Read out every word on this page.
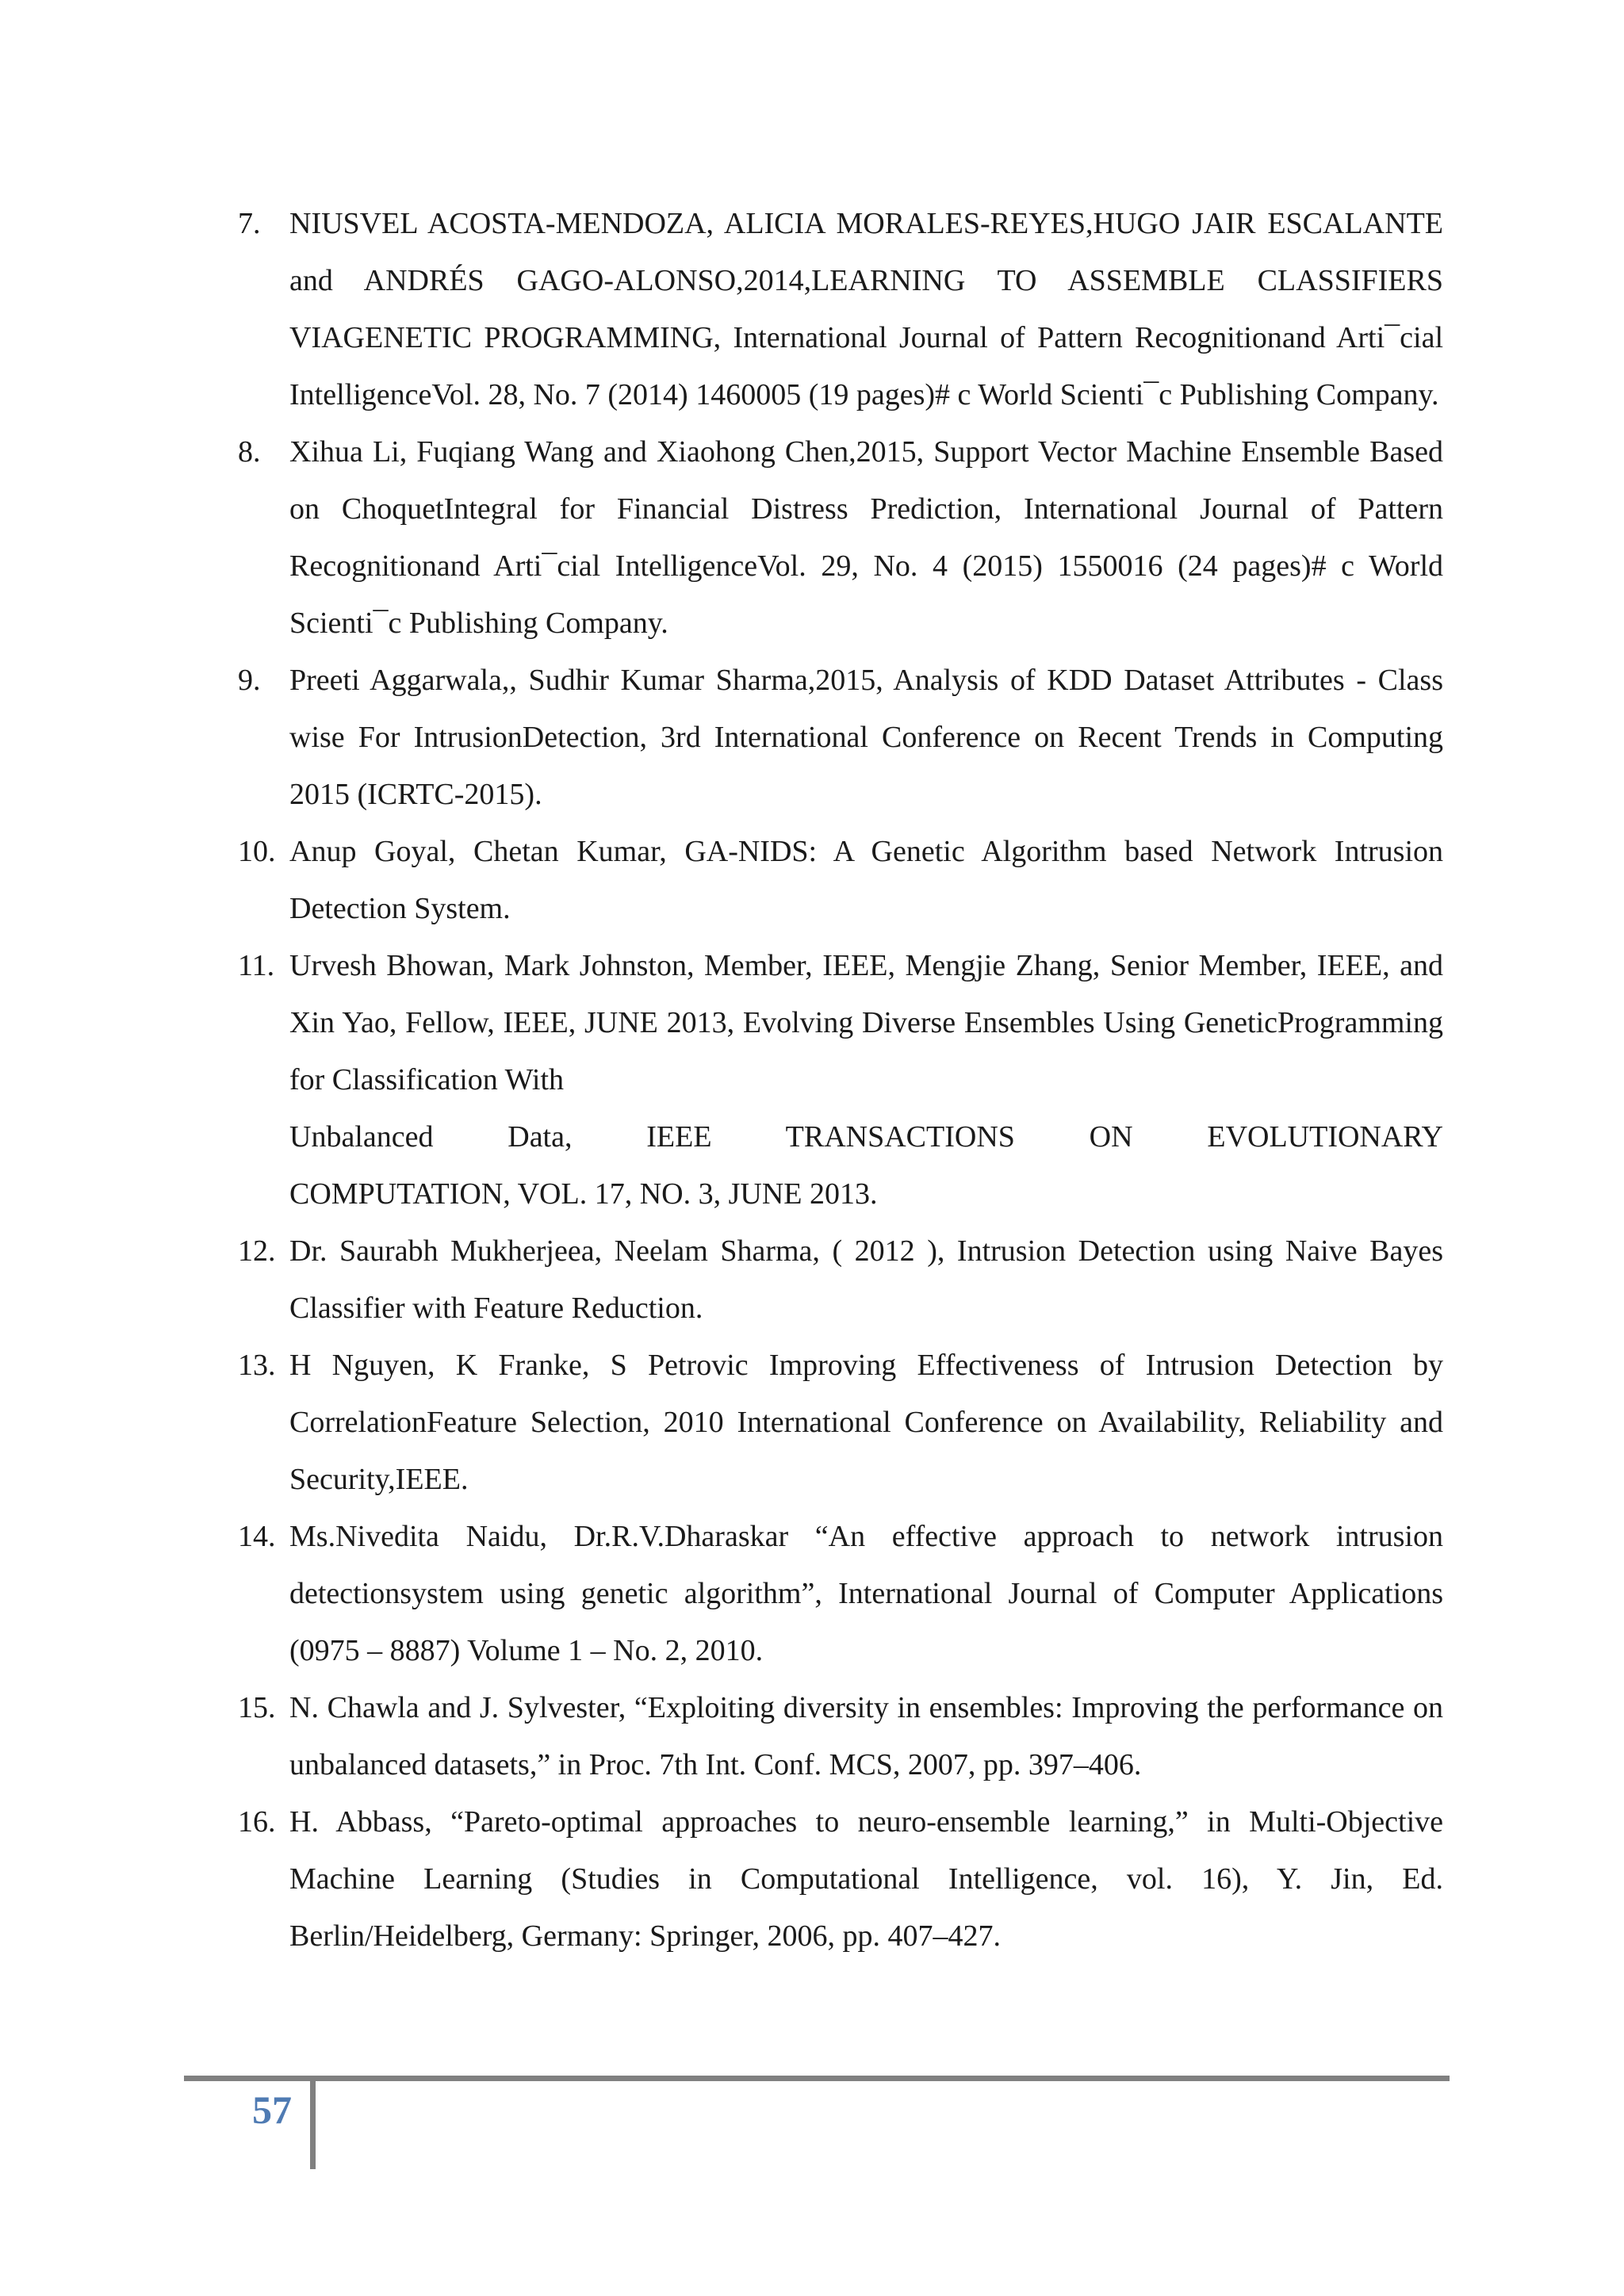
7. NIUSVEL ACOSTA-MENDOZA, ALICIA MORALES-REYES,HUGO JAIR ESCALANTE and ANDRÉS GAGO-ALONSO,2014,LEARNING TO ASSEMBLE CLASSIFIERS VIAGENETIC PROGRAMMING, International Journal of Pattern Recognitionand Arti¯cial IntelligenceVol. 28, No. 7 (2014) 1460005 (19 pages)# c World Scienti¯c Publishing Company.
8. Xihua Li, Fuqiang Wang and Xiaohong Chen,2015, Support Vector Machine Ensemble Based on ChoquetIntegral for Financial Distress Prediction, International Journal of Pattern Recognitionand Arti¯cial IntelligenceVol. 29, No. 4 (2015) 1550016 (24 pages)# c World Scienti¯c Publishing Company.
9. Preeti Aggarwala,, Sudhir Kumar Sharma,2015, Analysis of KDD Dataset Attributes - Class wise For IntrusionDetection, 3rd International Conference on Recent Trends in Computing 2015 (ICRTC-2015).
10. Anup Goyal, Chetan Kumar, GA-NIDS: A Genetic Algorithm based Network Intrusion Detection System.
11. Urvesh Bhowan, Mark Johnston, Member, IEEE, Mengjie Zhang, Senior Member, IEEE, and Xin Yao, Fellow, IEEE, JUNE 2013, Evolving Diverse Ensembles Using GeneticProgramming for Classification With
Unbalanced Data, IEEE TRANSACTIONS ON EVOLUTIONARY
COMPUTATION, VOL. 17, NO. 3, JUNE 2013.
12. Dr. Saurabh Mukherjeea, Neelam Sharma, ( 2012 ), Intrusion Detection using Naive Bayes Classifier with Feature Reduction.
13. H Nguyen, K Franke, S Petrovic Improving Effectiveness of Intrusion Detection by CorrelationFeature Selection, 2010 International Conference on Availability, Reliability and Security,IEEE.
14. Ms.Nivedita Naidu, Dr.R.V.Dharaskar “An effective approach to network intrusion detectionsystem using genetic algorithm”, International Journal of Computer Applications (0975 – 8887) Volume 1 – No. 2, 2010.
15. N. Chawla and J. Sylvester, “Exploiting diversity in ensembles: Improving the performance on unbalanced datasets,” in Proc. 7th Int. Conf. MCS, 2007, pp. 397–406.
16. H. Abbass, “Pareto-optimal approaches to neuro-ensemble learning,” in Multi-Objective Machine Learning (Studies in Computational Intelligence, vol. 16), Y. Jin, Ed. Berlin/Heidelberg, Germany: Springer, 2006, pp. 407–427.
57
